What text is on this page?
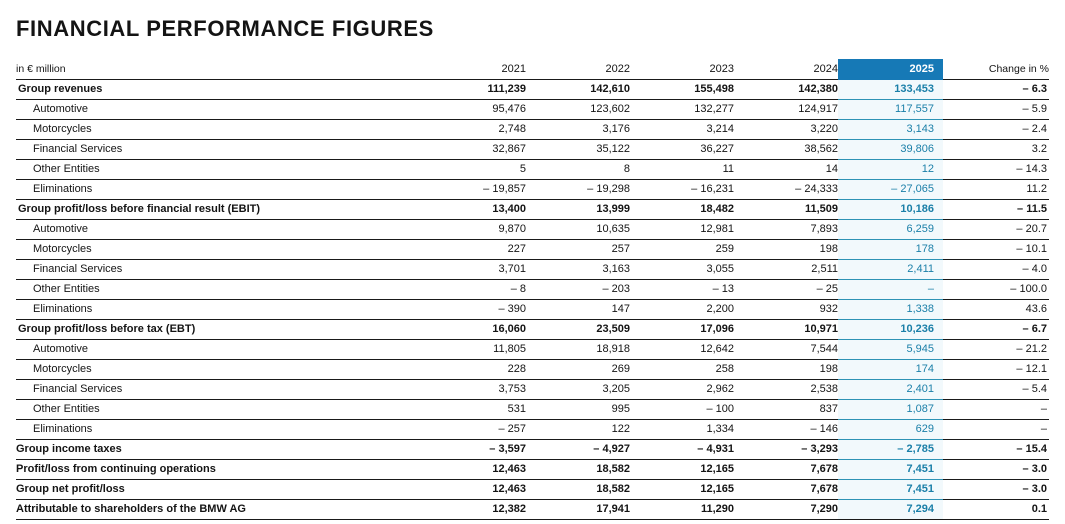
FINANCIAL PERFORMANCE FIGURES
in € million	2021	2022	2023	2024	2025	Change in %
Group revenues	111,239	142,610	155,498	142,380	133,453	– 6.3
Automotive	95,476	123,602	132,277	124,917	117,557	– 5.9
Motorcycles	2,748	3,176	3,214	3,220	3,143	– 2.4
Financial Services	32,867	35,122	36,227	38,562	39,806	3.2
Other Entities	5	8	11	14	12	– 14.3
Eliminations	– 19,857	– 19,298	– 16,231	– 24,333	– 27,065	11.2
Group profit/loss before financial result (EBIT)	13,400	13,999	18,482	11,509	10,186	– 11.5
Automotive	9,870	10,635	12,981	7,893	6,259	– 20.7
Motorcycles	227	257	259	198	178	– 10.1
Financial Services	3,701	3,163	3,055	2,511	2,411	– 4.0
Other Entities	– 8	– 203	– 13	– 25	–	– 100.0
Eliminations	– 390	147	2,200	932	1,338	43.6
Group profit/loss before tax (EBT)	16,060	23,509	17,096	10,971	10,236	– 6.7
Automotive	11,805	18,918	12,642	7,544	5,945	– 21.2
Motorcycles	228	269	258	198	174	– 12.1
Financial Services	3,753	3,205	2,962	2,538	2,401	– 5.4
Other Entities	531	995	– 100	837	1,087	–
Eliminations	– 257	122	1,334	– 146	629	–
Group income taxes	– 3,597	– 4,927	– 4,931	– 3,293	– 2,785	– 15.4
Profit/loss from continuing operations	12,463	18,582	12,165	7,678	7,451	– 3.0
Group net profit/loss	12,463	18,582	12,165	7,678	7,451	– 3.0
Attributable to shareholders of the BMW AG	12,382	17,941	11,290	7,290	7,294	0.1
